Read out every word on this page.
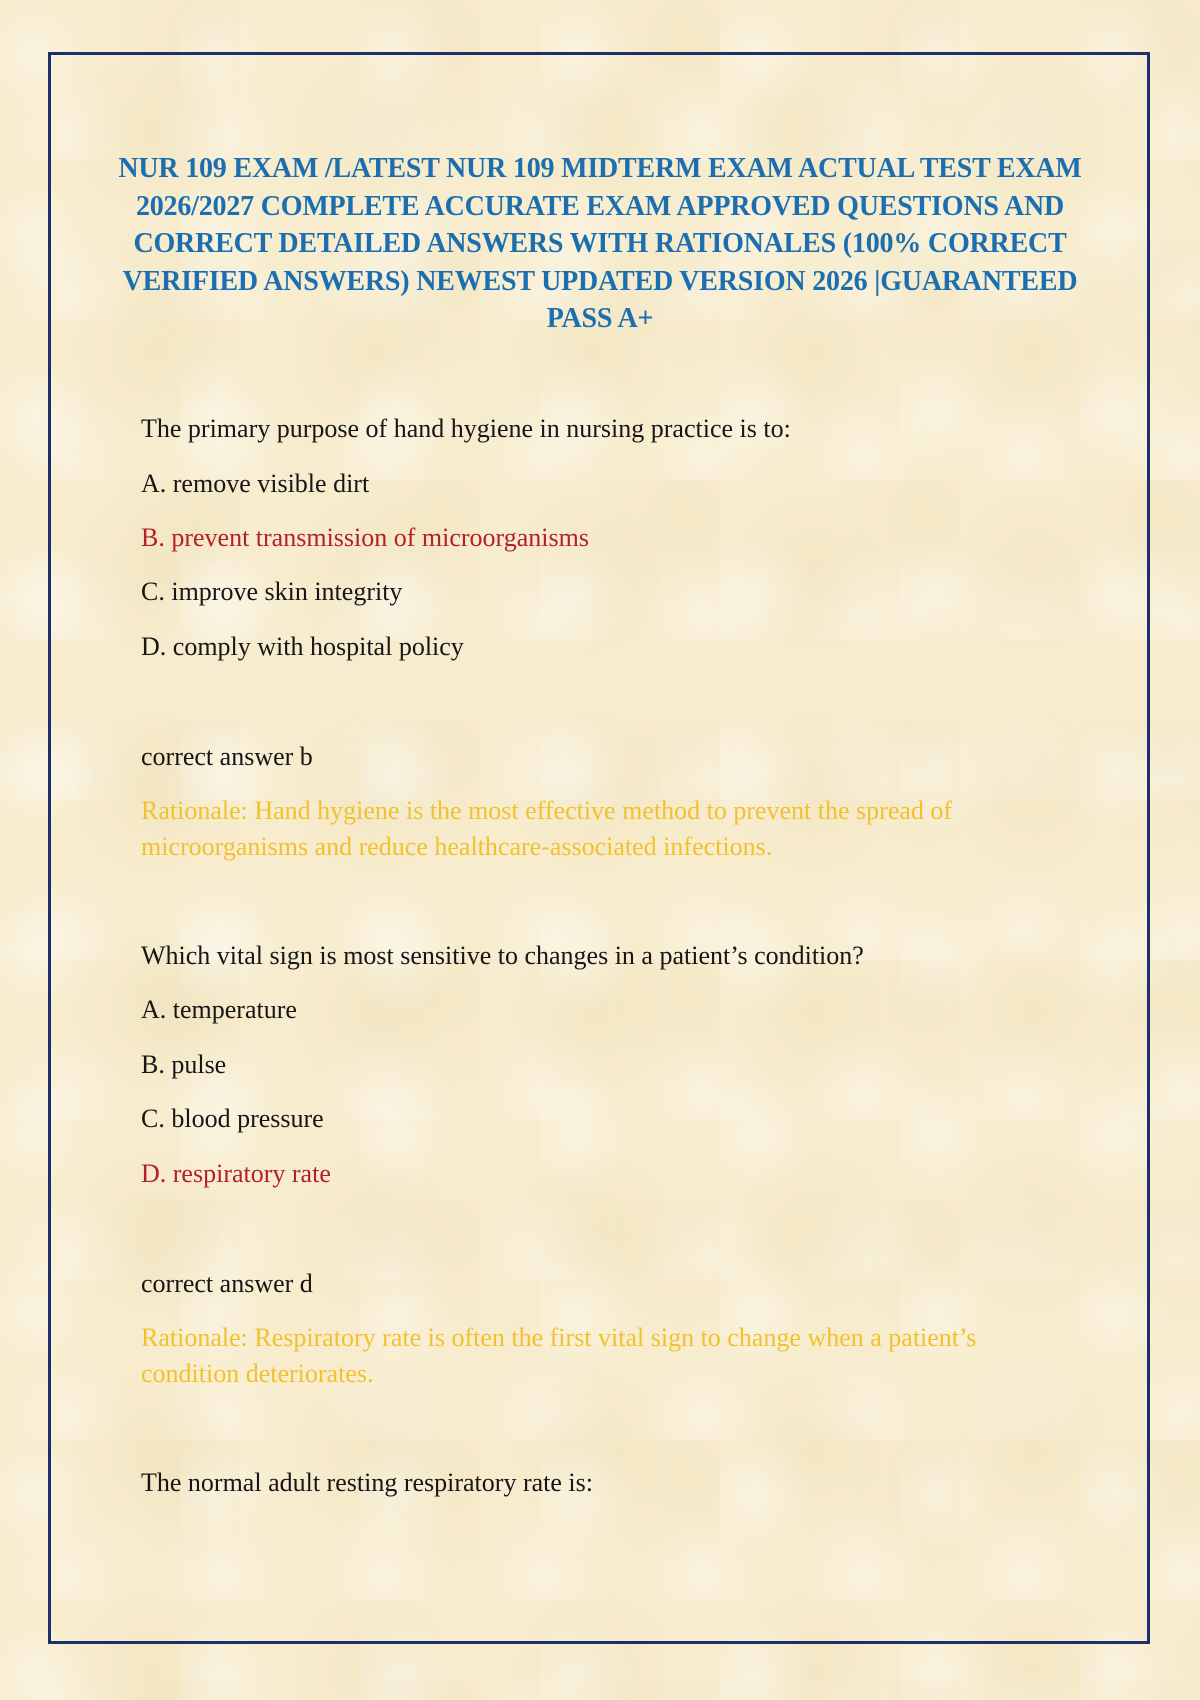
NUR 109 EXAM /LATEST NUR 109 MIDTERM EXAM ACTUAL TEST EXAM 2026/2027 COMPLETE ACCURATE EXAM APPROVED QUESTIONS AND CORRECT DETAILED ANSWERS WITH RATIONALES (100% CORRECT VERIFIED ANSWERS) NEWEST UPDATED VERSION 2026 |GUARANTEED PASS A+

The primary purpose of hand hygiene in nursing practice is to:

A. remove visible dirt

B. prevent transmission of microorganisms

C. improve skin integrity

D. comply with hospital policy

correct answer b

Rationale: Hand hygiene is the most effective method to prevent the spread of microorganisms and reduce healthcare-associated infections.

Which vital sign is most sensitive to changes in a patient’s condition?

A. temperature

B. pulse

C. blood pressure

D. respiratory rate

correct answer d

Rationale: Respiratory rate is often the first vital sign to change when a patient’s condition deteriorates.

The normal adult resting respiratory rate is:
